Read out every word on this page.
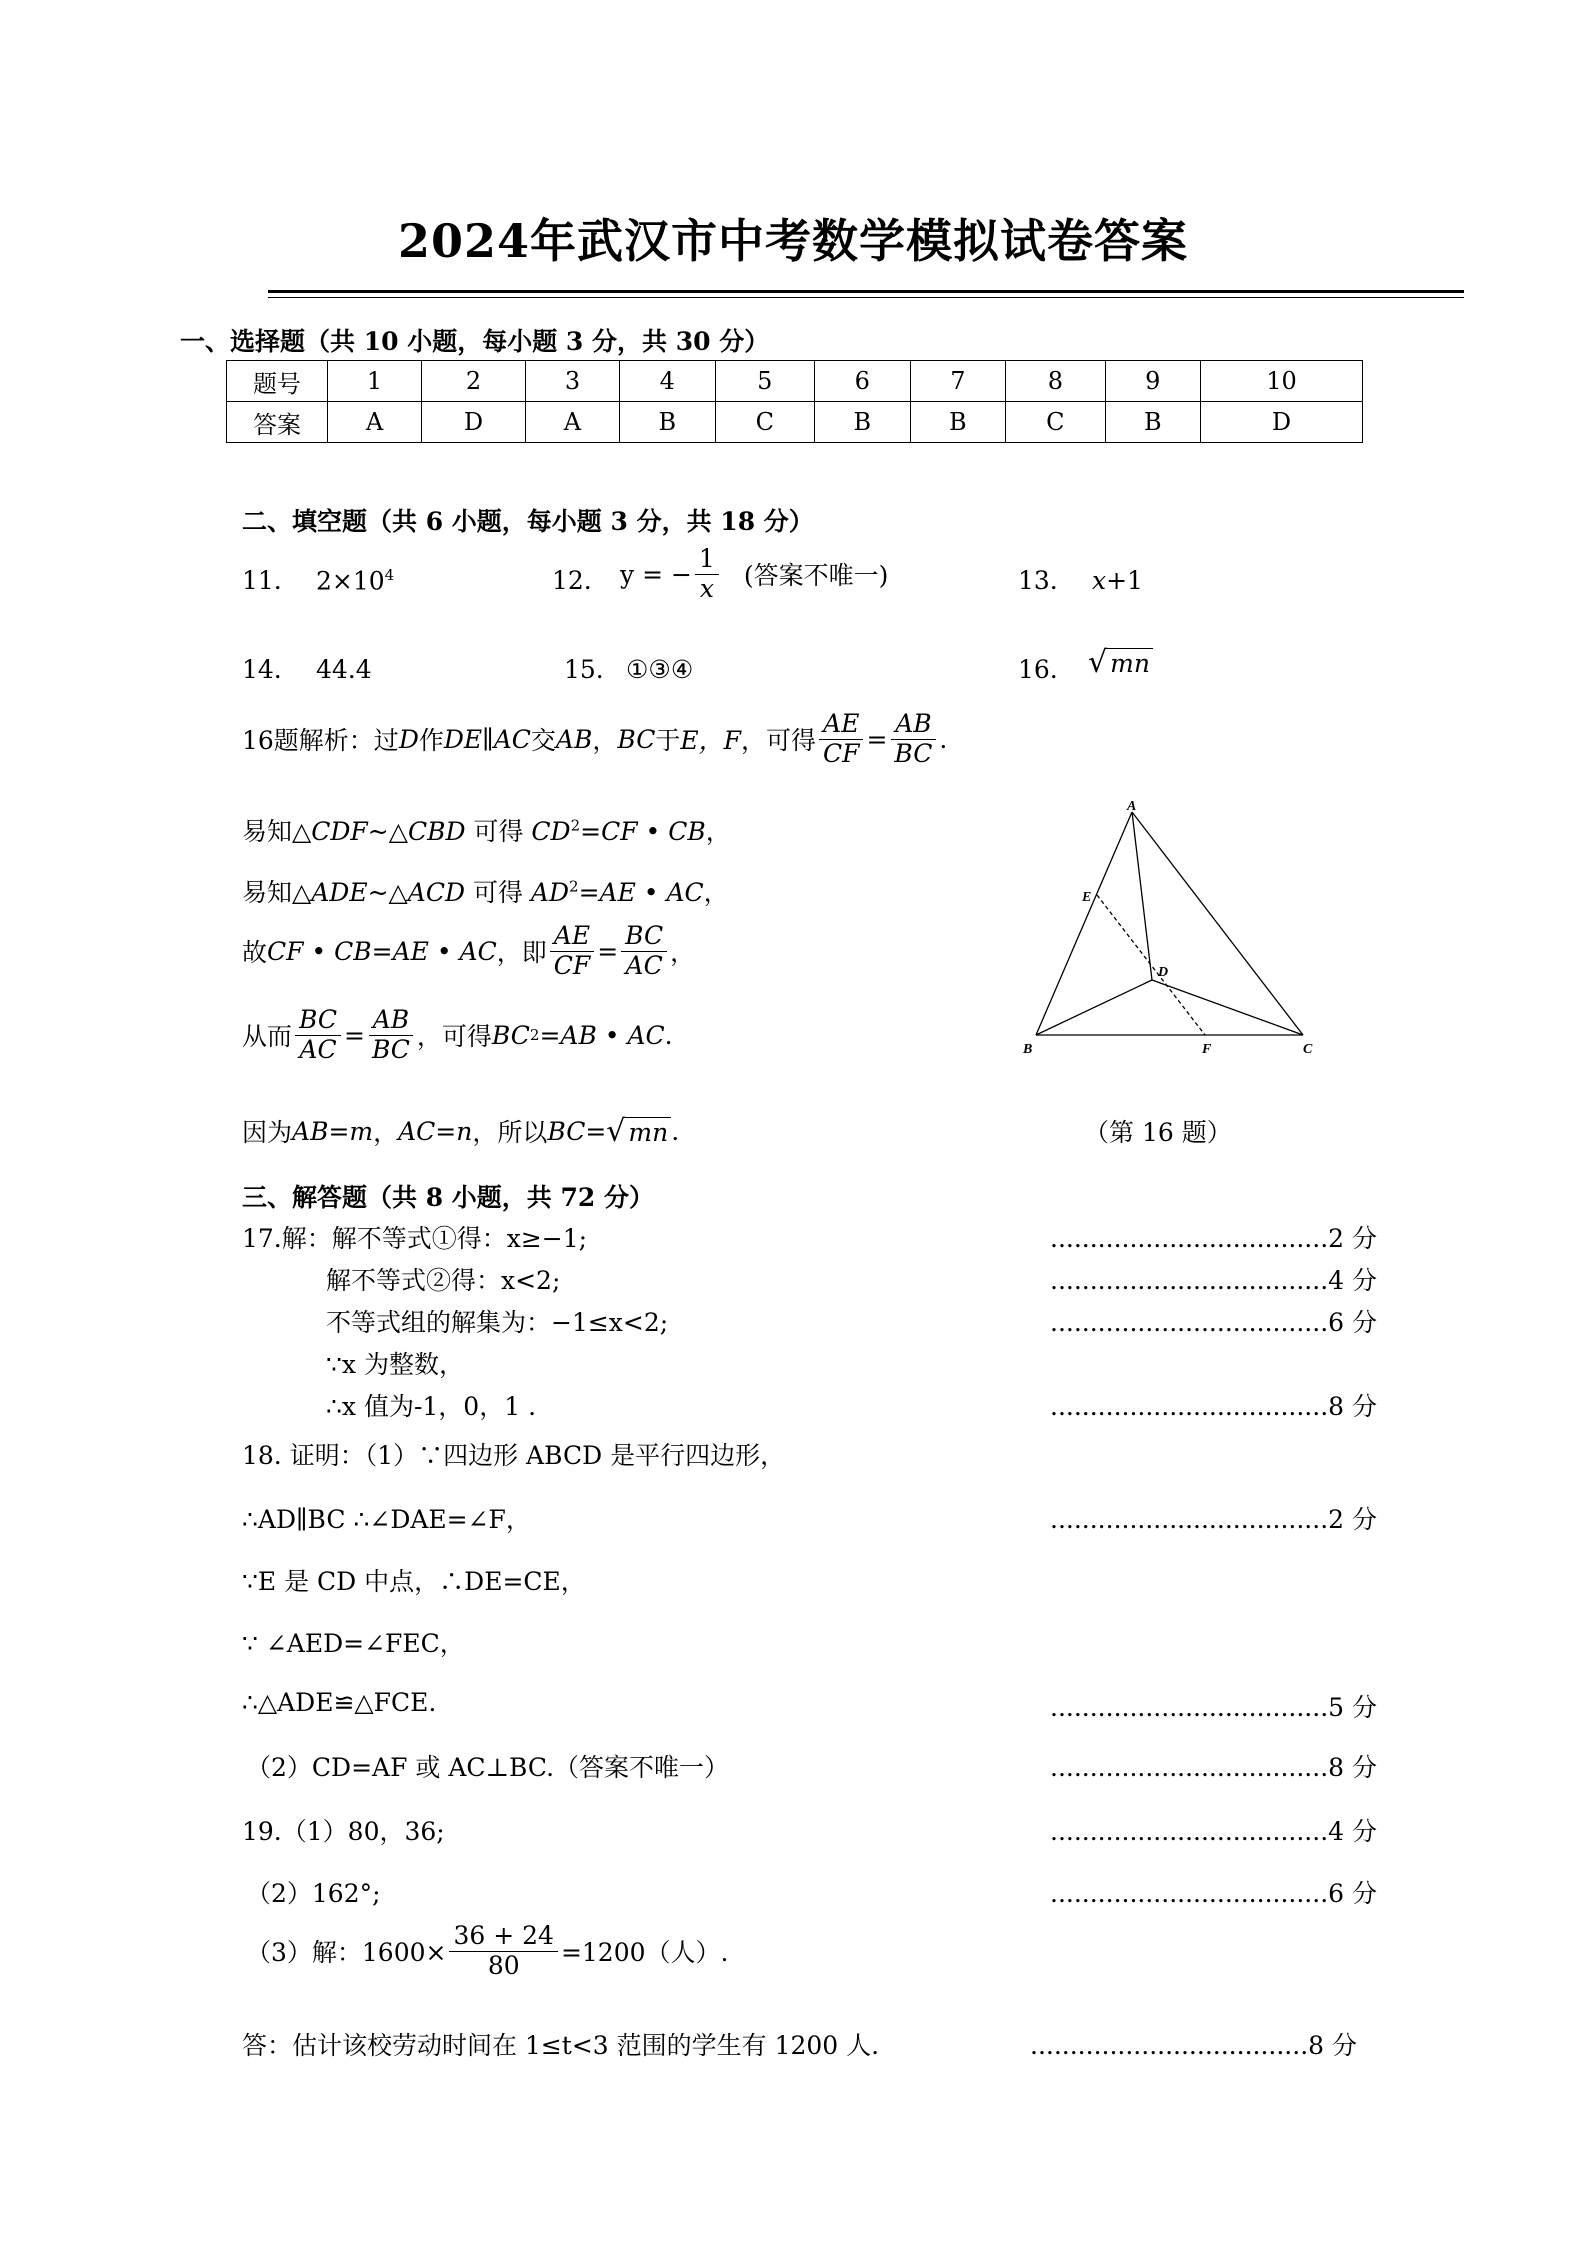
2024年武汉市中考数学模拟试卷答案
一、选择题（共 10 小题，每小题 3 分，共 30 分）
题号	1	2	3	4	5	6	7	8	9	10
答案	A	D	A	B	C	B	B	C	B	D
二、填空题（共 6 小题，每小题 3 分，共 18 分）
11. $2\times 10^4$	12. y = − $\frac{1}{x}$ (答案不唯一)	13. x+1
14. 44.4	15. ①③④	16. √ mn
16题解析：过 D 作 DE∥AC 交 AB ， BC 于 E，F ，可得 $\frac{AE}{CF} = \frac{AB}{BC}$ .
易知△CDF~△CBD 可得 $CD^2=CF$ • CB，
易知△ADE~△ACD 可得 $AD^2=AE$ • AC，
故 CF • CB=AE • AC ，即 $\frac{AE}{CF} = \frac{BC}{AC}$ ，
从而 $\frac{BC}{AC} = \frac{AB}{BC}$ ，可得 BC 2 =AB • AC .
因为 AB=m ， AC=n ，所以 BC= √ mn .
A
B	C
D
E
F
（第 16 题）
三、解答题（共 8 小题，共 72 分）
17.解：解不等式①得：x≥−1;	...................................2 分
解不等式②得：x<2;	...................................4 分
不等式组的解集为：−1≤x<2;	...................................6 分
∵x 为整数，
∴x 值为-1，0，1 .	...................................8 分
18. 证明：（1）∵四边形 ABCD 是平行四边形，
∴AD∥BC ∴∠DAE=∠F，	...................................2 分
∵E 是 CD 中点，∴DE=CE，
∵ ∠AED=∠FEC，
∴△ADE≌△FCE.	...................................5 分
（2）CD=AF 或 AC⊥BC.（答案不唯一）	...................................8 分
19.（1）80，36;	...................................4 分
（2）162°;	...................................6 分
（3）解：$1600\times \frac{36 + 24}{80} =1200$（人）.
答：估计该校劳动时间在 1≤t<3 范围的学生有 1200 人.	...................................8 分
